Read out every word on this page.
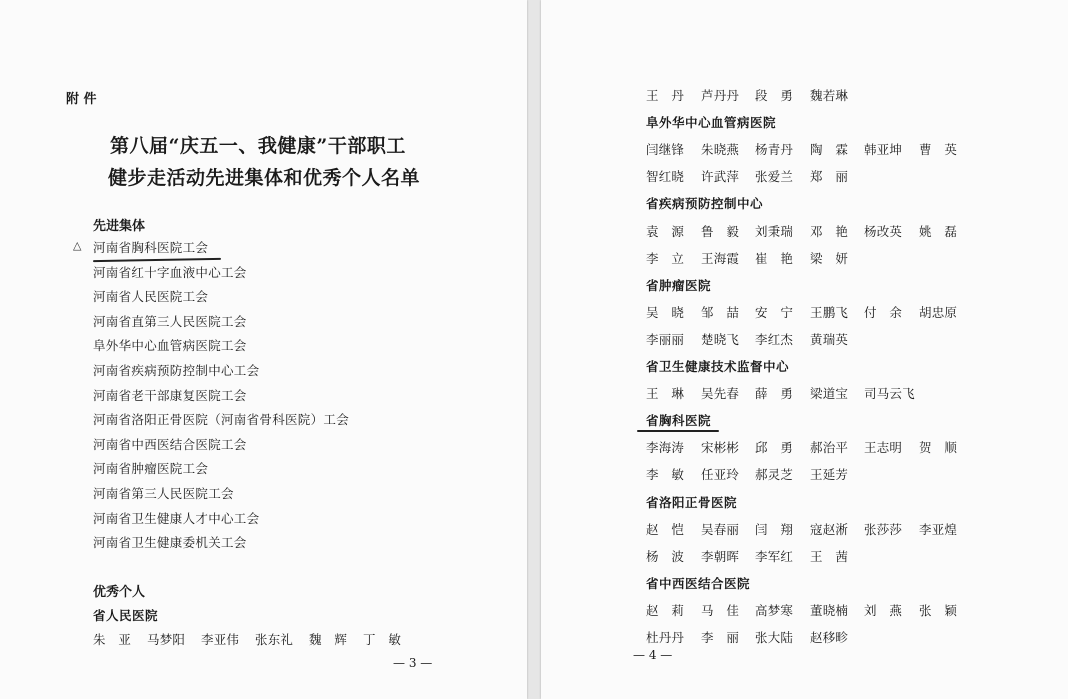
附 件
第八届“庆五一、我健康”干部职工
健步走活动先进集体和优秀个人名单
先进集体
△ 河南省胸科医院工会
河南省红十字血液中心工会
河南省人民医院工会
河南省直第三人民医院工会
阜外华中心血管病医院工会
河南省疾病预防控制中心工会
河南省老干部康复医院工会
河南省洛阳正骨医院（河南省骨科医院）工会
河南省中西医结合医院工会
河南省肿瘤医院工会
河南省第三人民医院工会
河南省卫生健康人才中心工会
河南省卫生健康委机关工会
优秀个人
省人民医院
朱　亚 马梦阳 李亚伟 张东礼 魏　辉 丁　敏
— 3 —
王　丹 芦丹丹 段　勇 魏若琳
阜外华中心血管病医院
闫继锋 朱晓燕 杨青丹 陶　霖 韩亚坤 曹　英
智红晓 许武萍 张爱兰 郑　丽
省疾病预防控制中心
袁　源 鲁　毅 刘秉瑞 邓　艳 杨改英 姚　磊
李　立 王海霞 崔　艳 梁　妍
省肿瘤医院
吴　晓 邹　喆 安　宁 王鹏飞 付　余 胡忠原
李丽丽 楚晓飞 李红杰 黄瑞英
省卫生健康技术监督中心
王　琳 吴先春 薛　勇 梁道宝 司马云飞
省胸科医院
李海涛 宋彬彬 邱　勇 郝治平 王志明 贺　顺
李　敏 任亚玲 郝灵芝 王延芳
省洛阳正骨医院
赵　恺 吴春丽 闫　翔 寇赵淅 张莎莎 李亚煌
杨　波 李朝晖 李军红 王　茜
省中西医结合医院
赵　莉 马　佳 高梦寒 董晓楠 刘　燕 张　颖
杜丹丹 李　丽 张大陆 赵移畛
— 4 —
